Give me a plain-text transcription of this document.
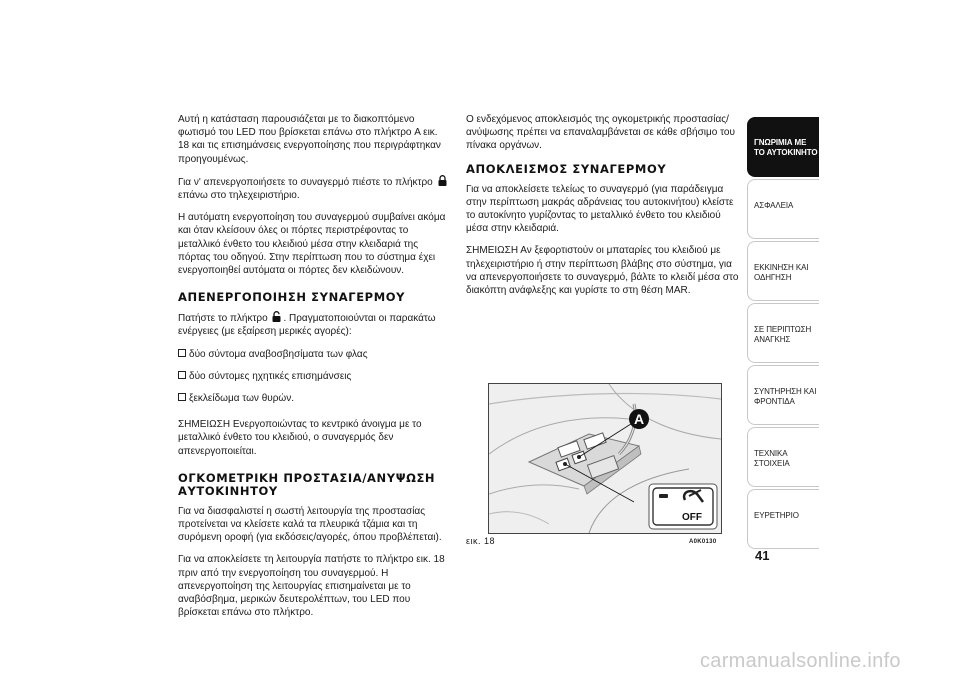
Αυτή η κατάσταση παρουσιάζεται με το διακοπτόμενο φωτισμό του LED που βρίσκεται επάνω στο πλήκτρο A εικ. 18 και τις επισημάνσεις ενεργοποίησης που περιγράφτηκαν προηγουμένως.

Για ν' απενεργοποιήσετε το συναγερμό πιέστε το πλήκτρο  επάνω στο τηλεχειριστήριο.

Η αυτόματη ενεργοποίηση του συναγερμού συμβαίνει ακόμα και όταν κλείσουν όλες οι πόρτες περιστρέφοντας το μεταλλικό ένθετο του κλειδιού μέσα στην κλειδαριά της πόρτας του οδηγού. Στην περίπτωση που το σύστημα έχει ενεργοποιηθεί αυτόματα οι πόρτες δεν κλειδώνουν.

ΑΠΕΝΕΡΓΟΠΟΙΗΣΗ ΣΥΝΑΓΕΡΜΟΥ

Πατήστε το πλήκτρο . Πραγματοποιούνται οι παρακάτω ενέργειες (με εξαίρεση μερικές αγορές):

δύο σύντομα αναβοσβησίματα των φλας
δύο σύντομες ηχητικές επισημάνσεις
ξεκλείδωμα των θυρών.

ΣΗΜΕΙΩΣΗ Ενεργοποιώντας το κεντρικό άνοιγμα με το μεταλλικό ένθετο του κλειδιού, ο συναγερμός δεν απενεργοποιείται.

ΟΓΚΟΜΕΤΡΙΚΗ ΠΡΟΣΤΑΣΙΑ/ΑΝΥΨΩΣΗ ΑΥΤΟΚΙΝΗΤΟΥ

Για να διασφαλιστεί η σωστή λειτουργία της προστασίας προτείνεται να κλείσετε καλά τα πλευρικά τζάμια και τη συρόμενη οροφή (για εκδόσεις/αγορές, όπου προβλέπεται).

Για να αποκλείσετε τη λειτουργία πατήστε το πλήκτρο εικ. 18 πριν από την ενεργοποίηση του συναγερμού. Η απενεργοποίηση της λειτουργίας επισημαίνεται με το αναβόσβημα, μερικών δευτερολέπτων, του LED που βρίσκεται επάνω στο πλήκτρο.

Ο ενδεχόμενος αποκλεισμός της ογκομετρικής προστασίας/ανύψωσης πρέπει να επαναλαμβάνεται σε κάθε σβήσιμο του πίνακα οργάνων.

ΑΠΟΚΛΕΙΣΜΟΣ ΣΥΝΑΓΕΡΜΟΥ

Για να αποκλείσετε τελείως το συναγερμό (για παράδειγμα στην περίπτωση μακράς αδράνειας του αυτοκινήτου) κλείστε το αυτοκίνητο γυρίζοντας το μεταλλικό ένθετο του κλειδιού μέσα στην κλειδαριά.

ΣΗΜΕΙΩΣΗ Αν ξεφορτιστούν οι μπαταρίες του κλειδιού με τηλεχειριστήριο ή στην περίπτωση βλάβης στο σύστημα, για να απενεργοποιήσετε το συναγερμό, βάλτε το κλειδί μέσα στο διακόπτη ανάφλεξης και γυρίστε το στη θέση MAR.

A
OFF
εικ. 18	A0K0130
ΓΝΩΡΙΜΙΑ ΜΕ ΤΟ ΑΥΤΟΚΙΝΗΤΟ
ΑΣΦΑΛΕΙΑ
ΕΚΚΙΝΗΣΗ ΚΑΙ ΟΔΗΓΗΣΗ
ΣΕ ΠΕΡΙΠΤΩΣΗ ΑΝΑΓΚΗΣ
ΣΥΝΤΗΡΗΣΗ ΚΑΙ ΦΡΟΝΤΙΔΑ
ΤΕΧΝΙΚΑ ΣΤΟΙΧΕΙΑ
ΕΥΡΕΤΗΡΙΟ
41
carmanualsonline.info
